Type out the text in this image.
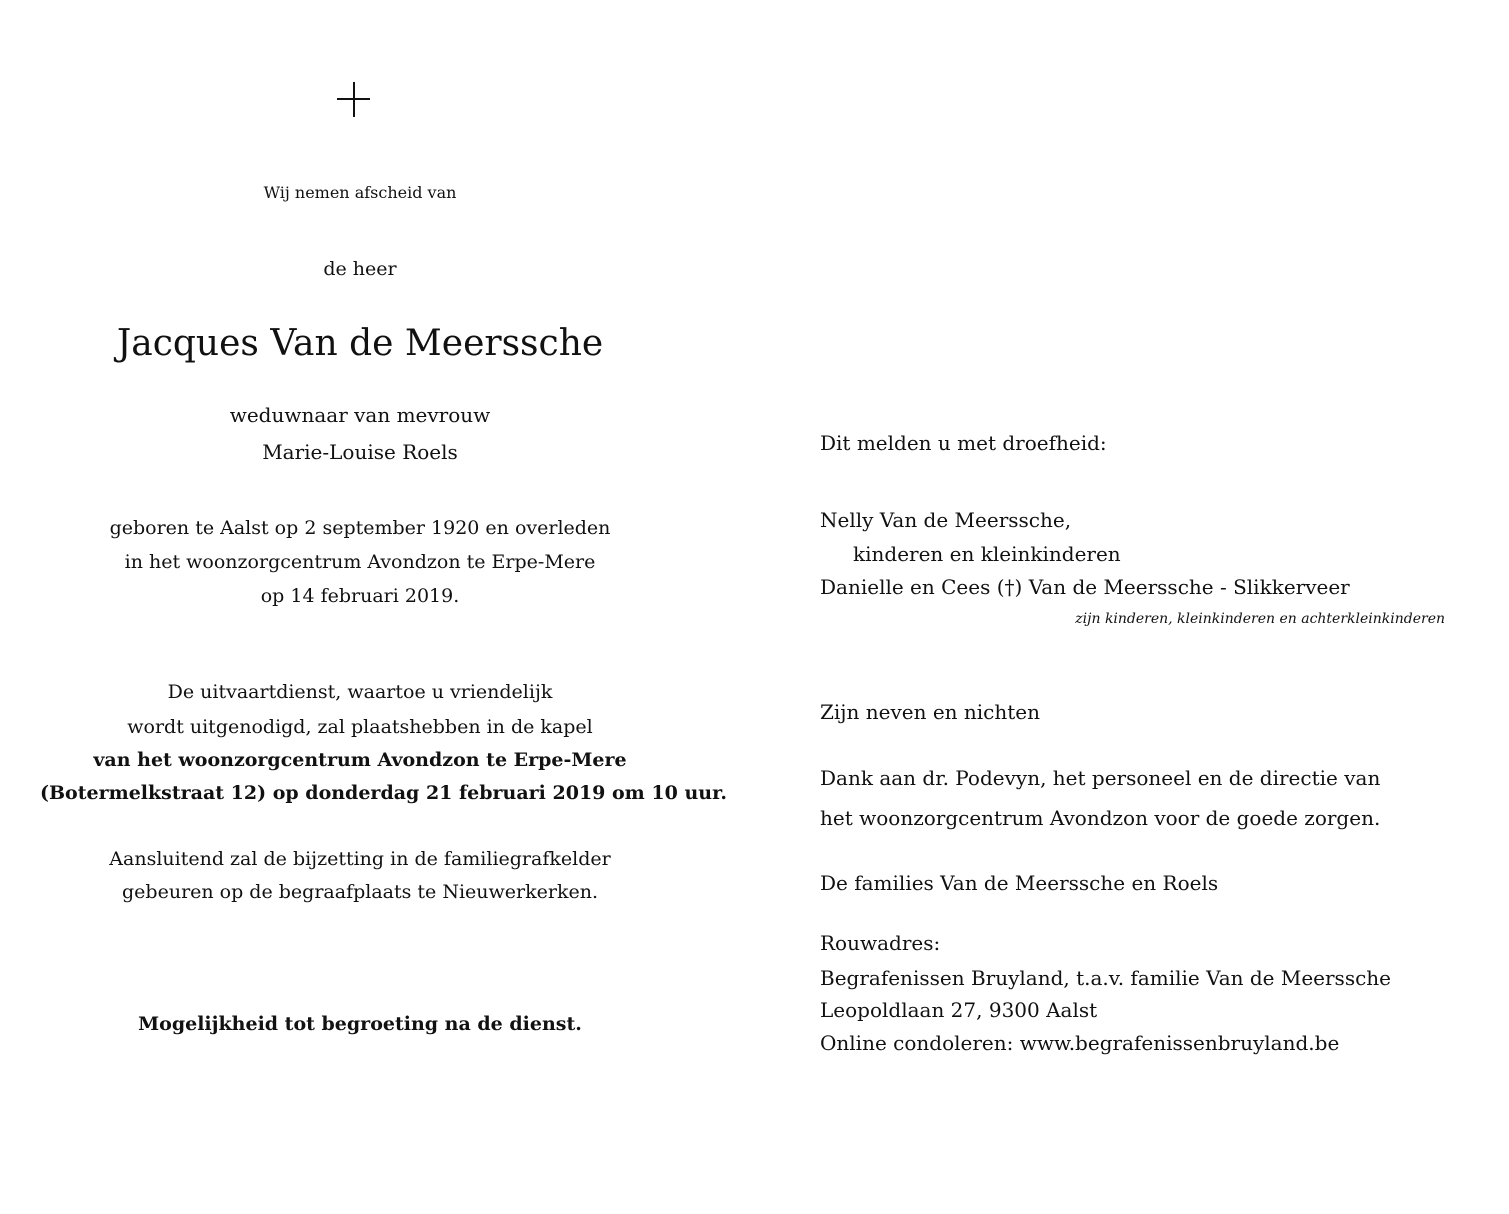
Wij nemen afscheid van
de heer
Jacques Van de Meerssche
weduwnaar van mevrouw
Marie-Louise Roels
geboren te Aalst op 2 september 1920 en overleden
in het woonzorgcentrum Avondzon te Erpe-Mere
op 14 februari 2019.
De uitvaartdienst, waartoe u vriendelijk
wordt uitgenodigd, zal plaatshebben in de kapel
van het woonzorgcentrum Avondzon te Erpe-Mere
(Botermelkstraat 12) op donderdag 21 februari 2019 om 10 uur.
Aansluitend zal de bijzetting in de familiegrafkelder
gebeuren op de begraafplaats te Nieuwerkerken.
Mogelijkheid tot begroeting na de dienst.
Dit melden u met droefheid:
Nelly Van de Meerssche,
kinderen en kleinkinderen
Danielle en Cees (†) Van de Meerssche - Slikkerveer
zijn kinderen, kleinkinderen en achterkleinkinderen
Zijn neven en nichten
Dank aan dr. Podevyn, het personeel en de directie van
het woonzorgcentrum Avondzon voor de goede zorgen.
De families Van de Meerssche en Roels
Rouwadres:
Begrafenissen Bruyland, t.a.v. familie Van de Meerssche
Leopoldlaan 27, 9300 Aalst
Online condoleren: www.begrafenissenbruyland.be
